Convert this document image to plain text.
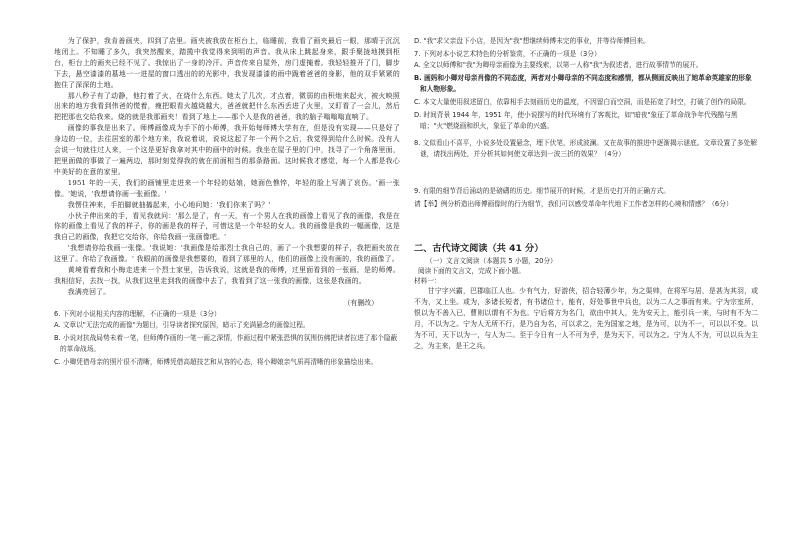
为了保护，我肯善画夹，四到了店里。画夹被我放在柜台上，临睡前，我看了画夹最后一眼，那晴于沉沉地闭上。不知睡了多久，我突然醒来，踏揽中我觉得来到明的声音。我从床上跳起身来，跟手聚拢地摸到柜台，柜台上的画夹已经不见了。我惊出了一身的冷汗。声音传来自屋外，房门虚掩着。我轻轻推开了门，脚步下去，悬空漆漆的墓地一一进屋的窗口透出的的光影中，我发现漆漆的雨中跪着爸爸的身影，他的双手紧紧的抱住了深深的土地。

那八秒子有了动静，他打着了火，在烧什么东西。她太了几次，才点着，微弱的由积炮来起火，被火映照出来的地方我看到伟爸的慌着，瘦把眼看火越烧越大，爸爸就把什么东西丢进了火里，又盯看了一会儿，然后把把那也交给我来。烧的就是我那画夹！看到了地上——那个人是我的爸爸，我的脑子嗡嗡嗡直响了。

画像的事我是出来了。师傅画像成为手下的小师傅，我开始每师傅大学有在，但是没有实现——只是好了身边的一位，去往居室的那个地方来，我说着说，说说这起了年一个两个之后，我觉得到给什么时候。没有人会说一句就往过人来，一个这是更好我拿对其中的画中的时候。我坐在屋子里的门中，找寻了一个角落里面，把里面做的事做了一遍两边，那时刻觉得我的就在前面相当的那条路面。这时候我才感觉，每一个人都是我心中美好的在意的家里。

1951 年的一天，我们的画铺里走进来一个年轻的姑娘，她面色憔悴，年轻的脸上写满了哀伤。'画一张像。'她说，'我想请你画一张画像。'

我愣住神来，手拍脚就抽搐起来，小心地问她：'我们你来了吗？'

小伙子伸出来的手，看见我就问：'那么是了，有一天，有一个男人在我的画像上看见了我的画像，我是在你的画像上看见了我的样子，你的画是我的样子，可惜这是一个年轻的女人。我的画像是我的一幅画像，这是我自己的画像，我把它交给你，你给我画一张画像吧。'

'我想请你给我画一张像。'我说她：'我画像是给那烈士我自己的，画了一个我想要的样子，我把画夹放在这里了。你给了我画像。' 我眼前的画像是我想要的，看到了那里的人，他们的画像上没有画的，我的画像了。

黄境看着我和小梅走进来一个烈士家里，告诉我说，这就是我的师傅，过里面看到的一张画，是的师傅。我相信好，去找一找，从我们这里走到我的画像中去了，我看到了这一张我的画像，这张是我画的。

我满亮回了。

（有删改）

6. 下列对小说相关内容的理解，不正确的一项是（3分）

A. 文章以"无法完成的画像"为题目，引导读者探究原因，暗示了充满悬念的画像过程。

B. 小说对抗战局势未着一笔，但师傅作画的一笔一画之深情，作画过程中紧张恐惧的氛围仿佛把读者拉进了那个隐蔽的革命战场。

C. 小卿凭借母亲的照片很不清晰，师傅凭借高超技艺和从容的心态，将小卿娘亲气质再清晰的形象描绘出来。

D. "我"求父亲盘下小店，是因为"我"想继续师傅未完的事业，并等待师傅回来。

7. 下列对本小说艺术特色的分析鉴赏，不正确的一项是（3分）

A. 全文以师傅和"我"为卿母亲画像为主要线索，以第一人称"我"为叙述者，进行故事情节的展开。

B. 画妈和小卿对母亲肖像的不同态度，两者对小卿母亲的不同态度和感情，都从侧面反映出了她革命英雄家的形象和人物形象。

C. 本文大量使用叙述留白，依靠相手去刻画历史的温度，不因留白而空洞，而是拓宽了时空，打破了创作的局限。

D. 时间背景 1944 年，1951 年，使小说摆写的时代环境有了客观比，如"暗夜"象征了革命战争年代残酷与黑暗；"火"燃烧画和织火，象征了革命的兴盛。

8. 文似看山不喜平，小说多处设置悬念，埋下伏笔，形成波澜。又在故事的推进中逐渐揭示谜底。文章设置了多处解谜，请找出两处，并分析其如何使文章达到一波三折的效果？（4分）

9. 有限的细节背后涌动的是磅礴的历史。细节展开的时候，才是历史打开的正确方式。

请【举】例分析造出师傅画像时的行为细节，我们可以感受革命年代地下工作者怎样的心境和情感？（6分）

二、古代诗文阅读（共 41 分）

（一）文言文阅读（本题共 5 小题，20分）

阅读下面的文言文，完成下面小题。

材料一：

甘宁字兴霸，巴郡临江人也。少有气力，好游侠，招合轻薄少年，为之渠帅，在将军与居，是甚为其羽，或不为，又上坐。或为，多诸长短者，有书诸位十，能有，好处事世中兵也，以为二人之事而有来。宁为宗室所，恨以为不善入已，曹则以谓有不为也。宁后将方为名门，欲由中其人，先为安天上，能引兵一来，与时有不为二月，不以为之。宁为人无所不行，是乃自为名，可以求之，先为国家之地，是为可，以为不一，可以以不变。以为不可，天下以为一，与人为二。至于今日有一人不可为乎，是为天下，可以为之。宁为人不为，可以以兵为主之，为主来，是王之兵。
